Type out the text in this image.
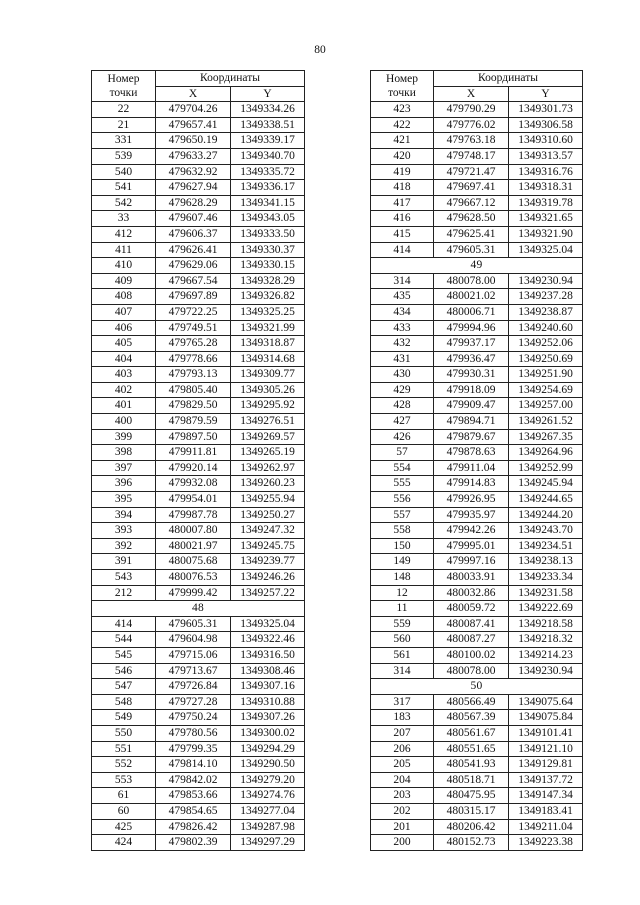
80
Номер
точки	Координаты	
	X	Y
22	479704.26	1349334.26
21	479657.41	1349338.51
331	479650.19	1349339.17
539	479633.27	1349340.70
540	479632.92	1349335.72
541	479627.94	1349336.17
542	479628.29	1349341.15
33	479607.46	1349343.05
412	479606.37	1349333.50
411	479626.41	1349330.37
410	479629.06	1349330.15
409	479667.54	1349328.29
408	479697.89	1349326.82
407	479722.25	1349325.25
406	479749.51	1349321.99
405	479765.28	1349318.87
404	479778.66	1349314.68
403	479793.13	1349309.77
402	479805.40	1349305.26
401	479829.50	1349295.92
400	479879.59	1349276.51
399	479897.50	1349269.57
398	479911.81	1349265.19
397	479920.14	1349262.97
396	479932.08	1349260.23
395	479954.01	1349255.94
394	479987.78	1349250.27
393	480007.80	1349247.32
392	480021.97	1349245.75
391	480075.68	1349239.77
543	480076.53	1349246.26
212	479999.42	1349257.22
48		
414	479605.31	1349325.04
544	479604.98	1349322.46
545	479715.06	1349316.50
546	479713.67	1349308.46
547	479726.84	1349307.16
548	479727.28	1349310.88
549	479750.24	1349307.26
550	479780.56	1349300.02
551	479799.35	1349294.29
552	479814.10	1349290.50
553	479842.02	1349279.20
61	479853.66	1349274.76
60	479854.65	1349277.04
425	479826.42	1349287.98
424	479802.39	1349297.29
Номер
точки	Координаты	
	X	Y
423	479790.29	1349301.73
422	479776.02	1349306.58
421	479763.18	1349310.60
420	479748.17	1349313.57
419	479721.47	1349316.76
418	479697.41	1349318.31
417	479667.12	1349319.78
416	479628.50	1349321.65
415	479625.41	1349321.90
414	479605.31	1349325.04
49		
314	480078.00	1349230.94
435	480021.02	1349237.28
434	480006.71	1349238.87
433	479994.96	1349240.60
432	479937.17	1349252.06
431	479936.47	1349250.69
430	479930.31	1349251.90
429	479918.09	1349254.69
428	479909.47	1349257.00
427	479894.71	1349261.52
426	479879.67	1349267.35
57	479878.63	1349264.96
554	479911.04	1349252.99
555	479914.83	1349245.94
556	479926.95	1349244.65
557	479935.97	1349244.20
558	479942.26	1349243.70
150	479995.01	1349234.51
149	479997.16	1349238.13
148	480033.91	1349233.34
12	480032.86	1349231.58
11	480059.72	1349222.69
559	480087.41	1349218.58
560	480087.27	1349218.32
561	480100.02	1349214.23
314	480078.00	1349230.94
50		
317	480566.49	1349075.64
183	480567.39	1349075.84
207	480561.67	1349101.41
206	480551.65	1349121.10
205	480541.93	1349129.81
204	480518.71	1349137.72
203	480475.95	1349147.34
202	480315.17	1349183.41
201	480206.42	1349211.04
200	480152.73	1349223.38
